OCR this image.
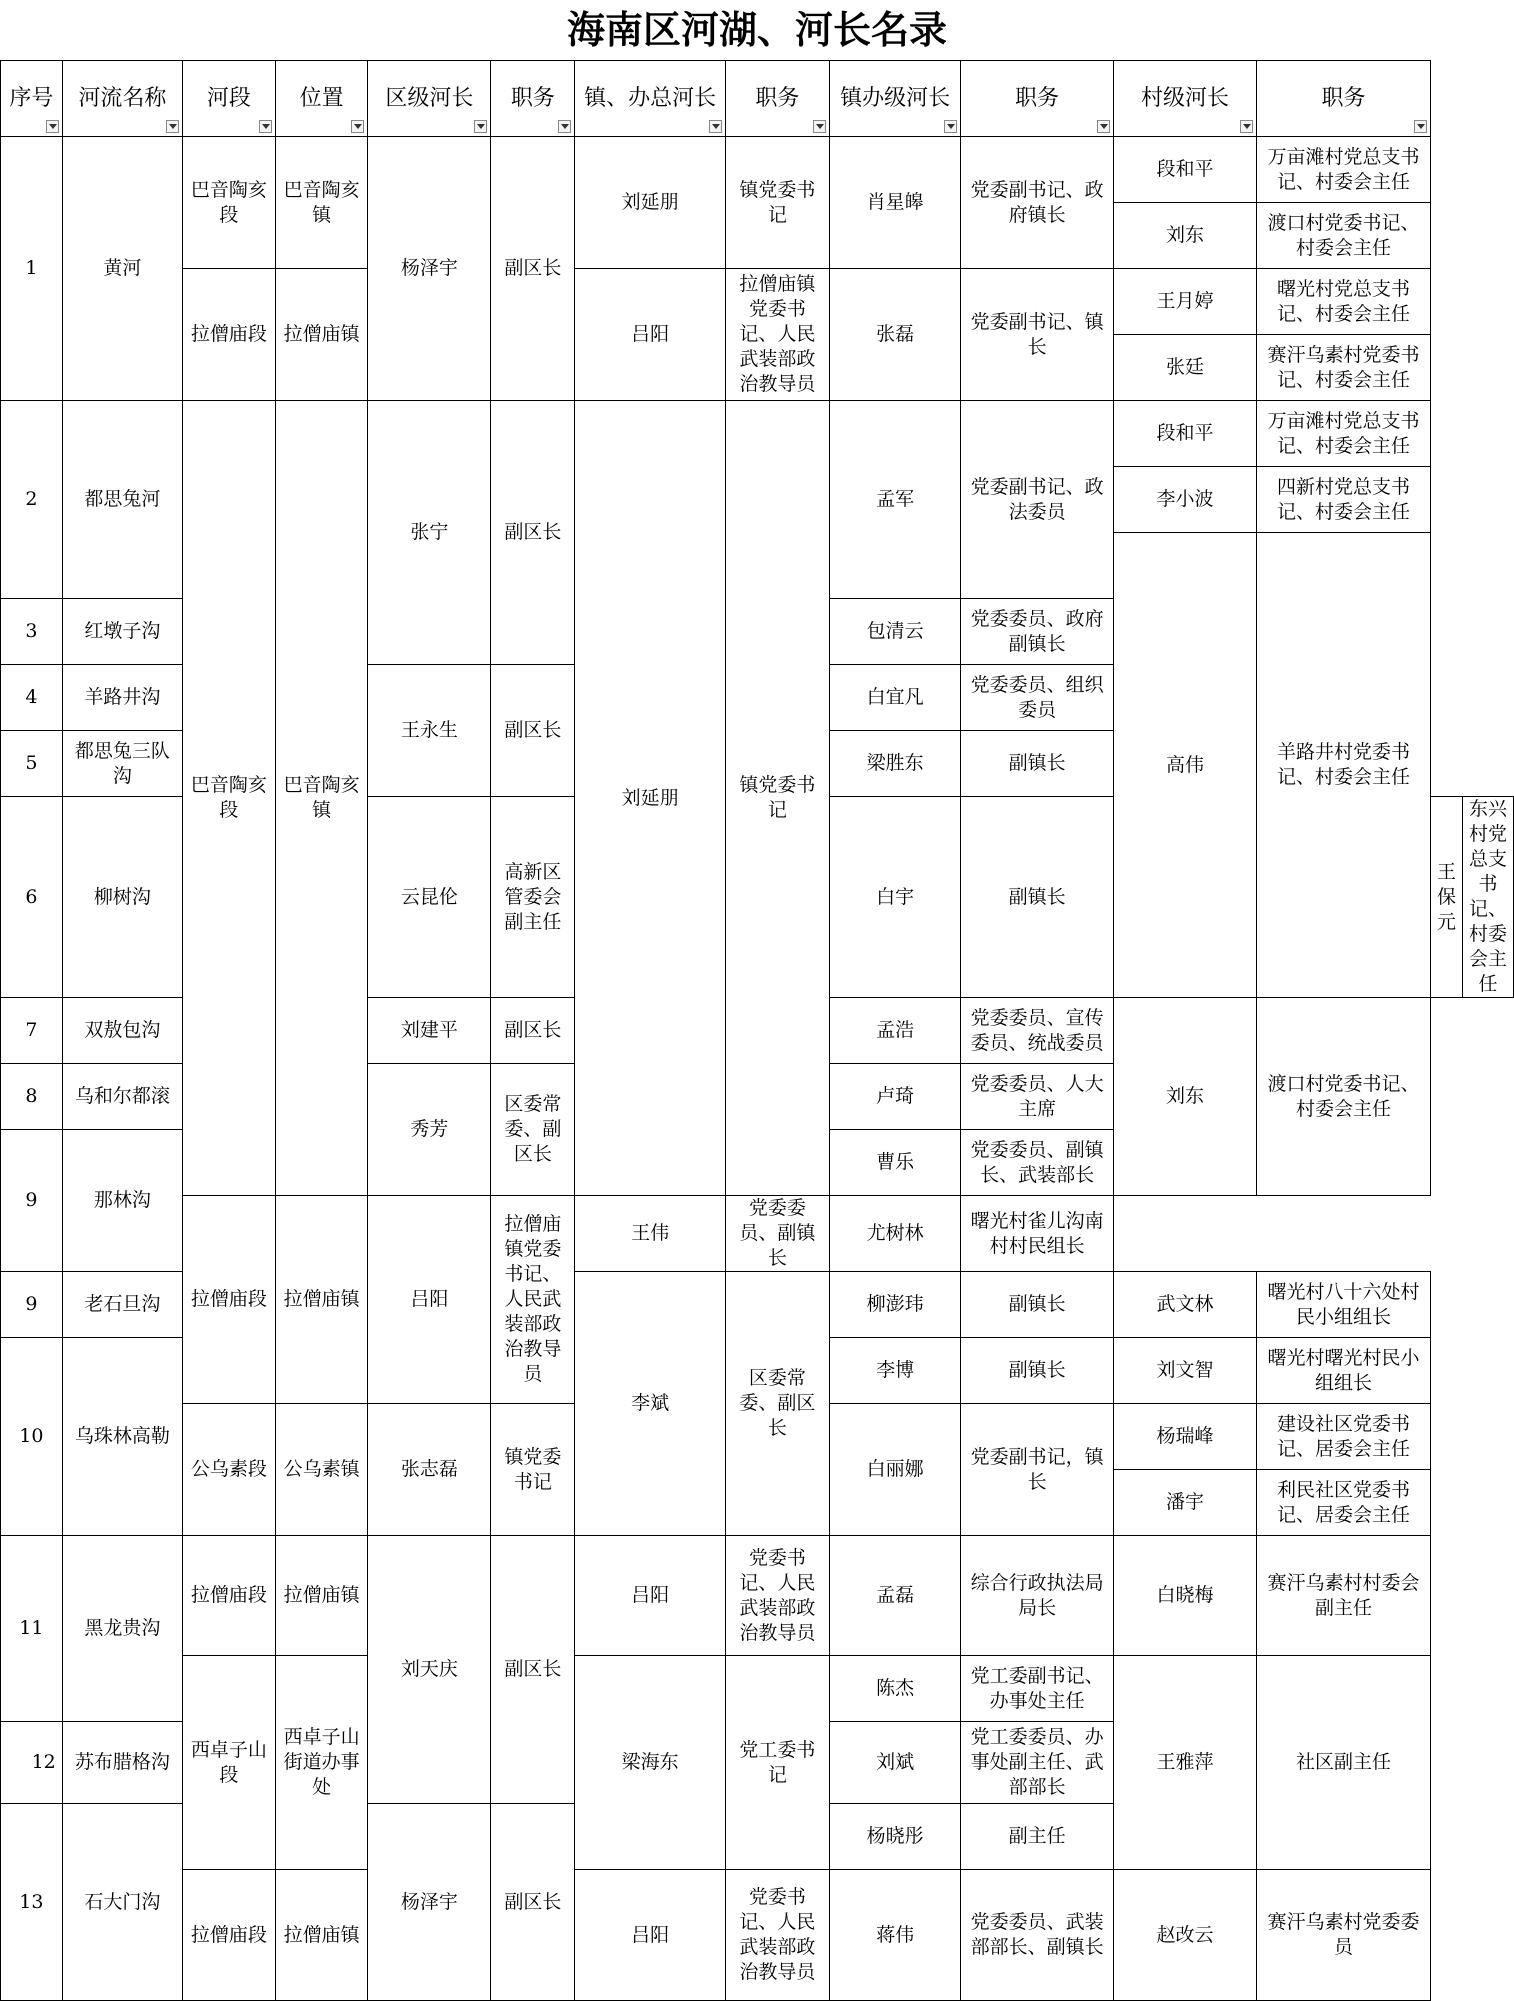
海南区河湖、河长名录
序号	河流名称	河段	位置	区级河长	职务	镇、办总河长	职务	镇办级河长	职务	村级河长	职务		

1	黄河	巴音陶亥段	巴音陶亥镇	杨泽宇	副区长	刘延朋	镇党委书记	肖星皞	党委副书记、政府镇长	段和平	万亩滩村党总支书记、村委会主任		
										刘东	渡口村党委书记、村委会主任		
		拉僧庙段	拉僧庙镇			吕阳	拉僧庙镇党委书记、人民武装部政治教导员	张磊	党委副书记、镇长	王月婷	曙光村党总支书记、村委会主任		
										张廷	赛汗乌素村党委书记、村委会主任		
2	都思兔河	巴音陶亥段	巴音陶亥镇	张宁	副区长	刘延朋	镇党委书记	孟军	党委副书记、政法委员	段和平	万亩滩村党总支书记、村委会主任		
										李小波	四新村党总支书记、村委会主任		
										高伟	羊路井村党委书记、村委会主任		
3	红墩子沟							包清云	党委委员、政府副镇长				
4	羊路井沟			王永生	副区长			白宜凡	党委委员、组织委员				
5	都思兔三队沟							梁胜东	副镇长				
6	柳树沟			云昆伦	高新区管委会副主任			白宇	副镇长			王保元	东兴村党总支书记、村委会主任
7	双敖包沟			刘建平	副区长			孟浩	党委委员、宣传委员、统战委员	刘东	渡口村党委书记、村委会主任		
8	乌和尔都滚			秀芳	区委常委、副区长			卢琦	党委委员、人大主席				
9	那林沟							曹乐	党委委员、副镇长、武装部长				
		拉僧庙段	拉僧庙镇	吕阳	拉僧庙镇党委书记、人民武装部政治教导员	王伟	党委委员、副镇长	尤树林	曙光村雀儿沟南村村民组长				
9	老石旦沟					李斌	区委常委、副区长	柳澎玮	副镇长	武文林	曙光村八十六处村民小组组长		
10	乌珠林高勒							李博	副镇长	刘文智	曙光村曙光村民小组组长		
		公乌素段	公乌素镇	张志磊	镇党委书记			白丽娜	党委副书记，镇长	杨瑞峰	建设社区党委书记、居委会主任		
										潘宇	利民社区党委书记、居委会主任		
11	黑龙贵沟	拉僧庙段	拉僧庙镇	刘天庆	副区长	吕阳	党委书记、人民武装部政治教导员	孟磊	综合行政执法局局长	白晓梅	赛汗乌素村村委会副主任		
		西卓子山段	西卓子山街道办事处			梁海东	党工委书记	陈杰	党工委副书记、办事处主任	王雅萍	社区副主任		
12	苏布腊格沟							刘斌	党工委委员、办事处副主任、武部部长				
13	石大门沟			杨泽宇	副区长			杨晓彤	副主任				
		拉僧庙段	拉僧庙镇			吕阳	党委书记、人民武装部政治教导员	蒋伟	党委委员、武装部部长、副镇长	赵改云	赛汗乌素村党委委员		
